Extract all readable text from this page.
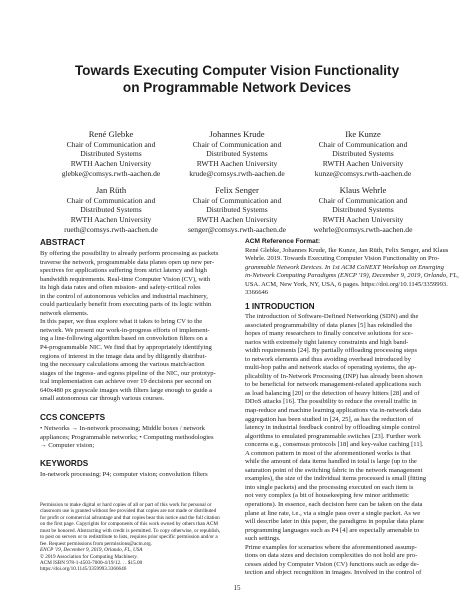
Towards Executing Computer Vision Functionality
on Programmable Network Devices
René Glebke
Chair of Communication and
Distributed Systems
RWTH Aachen University
glebke@comsys.rwth-aachen.de
Johannes Krude
Chair of Communication and
Distributed Systems
RWTH Aachen University
krude@comsys.rwth-aachen.de
Ike Kunze
Chair of Communication and
Distributed Systems
RWTH Aachen University
kunze@comsys.rwth-aachen.de
Jan Rüth
Chair of Communication and
Distributed Systems
RWTH Aachen University
rueth@comsys.rwth-aachen.de
Felix Senger
Chair of Communication and
Distributed Systems
RWTH Aachen University
senger@comsys.rwth-aachen.de
Klaus Wehrle
Chair of Communication and
Distributed Systems
RWTH Aachen University
wehrle@comsys.rwth-aachen.de
ABSTRACT
By offering the possibility to already perform processing as packets
traverse the network, programmable data planes open up new per-
spectives for applications suffering from strict latency and high
bandwidth requirements. Real-time Computer Vision (CV), with
its high data rates and often mission- and safety-critical roles
in the control of autonomous vehicles and industrial machinery,
could particularly benefit from executing parts of its logic within
network elements.
In this paper, we thus explore what it takes to bring CV to the
network. We present our work-in-progress efforts of implement-
ing a line-following algorithm based on convolution filters on a
P4-programmable NIC. We find that by appropriately identifying
regions of interest in the image data and by diligently distribut-
ing the necessary calculations among the various match/action
stages of the ingress- and egress pipeline of the NIC, our prototyp-
ical implementation can achieve over 19 decisions per second on
640x480 px grayscale images with filters large enough to guide a
small autonomous car through various courses.
CCS CONCEPTS
• Networks → In-network processing; Middle boxes / network
appliances; Programmable networks; • Computing methodologies
→ Computer vision;
KEYWORDS
In-network processing; P4; computer vision; convolution filters
Permission to make digital or hard copies of all or part of this work for personal or
classroom use is granted without fee provided that copies are not made or distributed
for profit or commercial advantage and that copies bear this notice and the full citation
on the first page. Copyrights for components of this work owned by others than ACM
must be honored. Abstracting with credit is permitted. To copy otherwise, or republish,
to post on servers or to redistribute to lists, requires prior specific permission and/or a
fee. Request permissions from permissions@acm.org.
ENCP '19, December 9, 2019, Orlando, FL, USA
© 2019 Association for Computing Machinery.
ACM ISBN 978-1-4503-7000-4/19/12. . . $15.00
https://doi.org/10.1145/3359993.3366646
ACM Reference Format:
René Glebke, Johannes Krude, Ike Kunze, Jan Rüth, Felix Senger, and Klaus
Wehrle. 2019. Towards Executing Computer Vision Functionality on Pro-
grammable Network Devices. In 1st ACM CoNEXT Workshop on Emerging
in-Network Computing Paradigms (ENCP '19), December 9, 2019, Orlando, FL,
USA. ACM, New York, NY, USA, 6 pages. https://doi.org/10.1145/3359993.
3366646
1 INTRODUCTION
The introduction of Software-Defined Networking (SDN) and the
associated programmability of data planes [5] has rekindled the
hopes of many researchers to finally conceive solutions for sce-
narios with extremely tight latency constraints and high band-
width requirements [24]. By partially offloading processing steps
to network elements and thus avoiding overhead introduced by
multi-hop paths and network stacks of operating systems, the ap-
plicability of In-Network Processing (INP) has already been shown
to be beneficial for network management-related applications such
as load balancing [20] or the detection of heavy hitters [28] and of
DDoS attacks [16]. The possibility to reduce the overall traffic in
map-reduce and machine learning applications via in-network data
aggregation has been studied in [24, 25], as has the reduction of
latency in industrial feedback control by offloading simple control
algorithms to emulated programmable switches [23]. Further work
concerns e.g., consensus protocols [18] and key-value caching [11].
A common pattern in most of the aforementioned works is that
while the amount of data items handled in total is large (up to the
saturation point of the switching fabric in the network management
examples), the size of the individual items processed is small (fitting
into single packets) and the processing executed on each item is
not very complex (a bit of housekeeping few minor arithmetic
operations). In essence, each decision here can be taken on the data
plane at line rate, i.e., via a single pass over a single packet. As we
will describe later in this paper, the paradigms in popular data plane
programming languages such as P4 [4] are especially amenable to
such settings.
Prime examples for scenarios where the aforementioned assump-
tions on data sizes and decision complexities do not hold are pro-
cesses aided by Computer Vision (CV) functions such as edge de-
tection and object recognition in images. Involved in the control of
15
